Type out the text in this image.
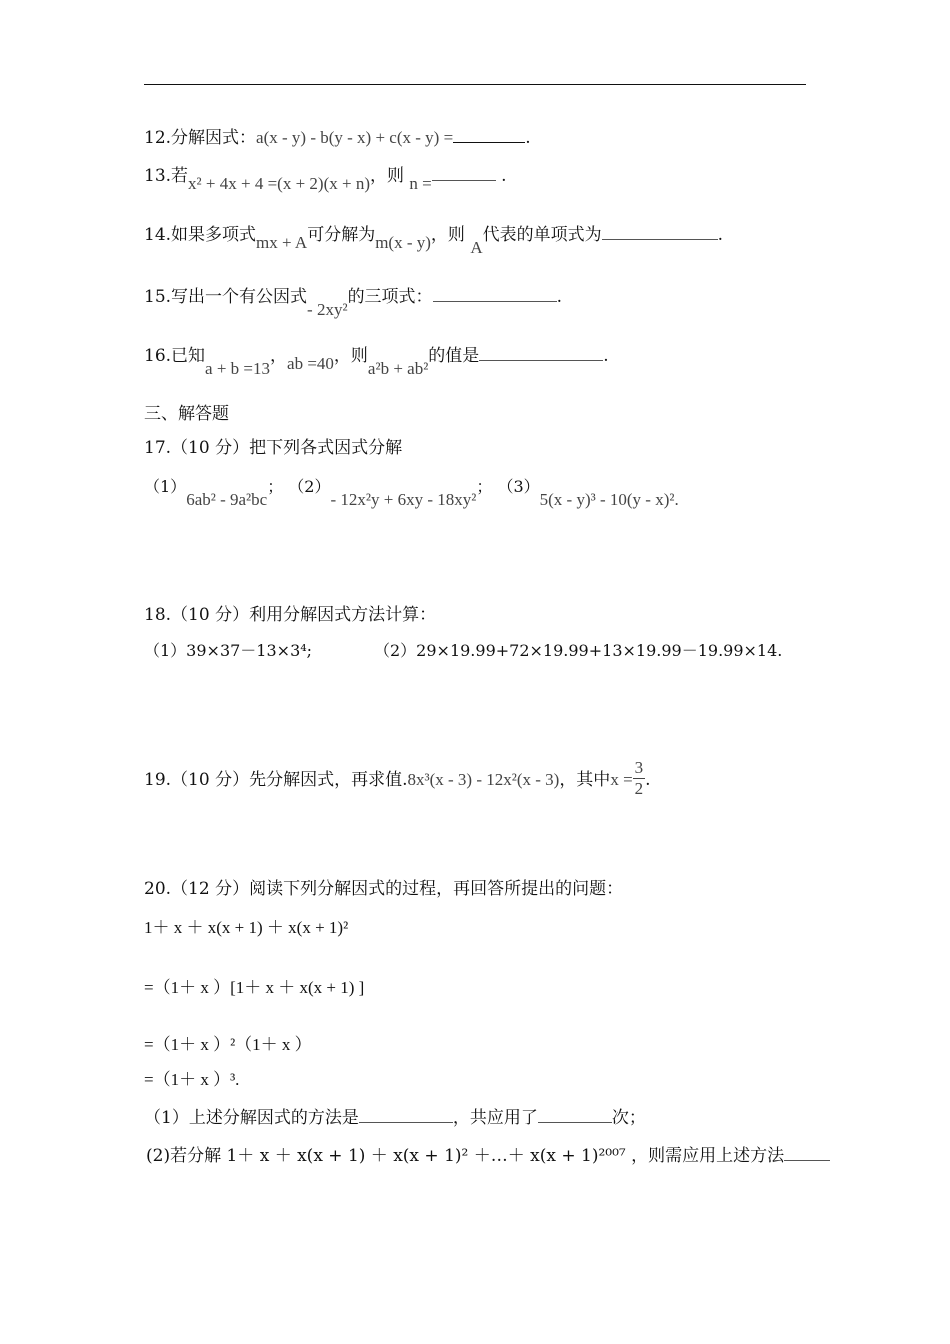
12.分解因式：a(x - y) - b(y - x) + c(x - y) =	.
13.若x² + 4x + 4 =(x + 2)(x + n)，则 n =	.
14.如果多项式mx + A可分解为m(x - y)，则 A代表的单项式为	.
15.写出一个有公因式- 2xy²的三项式：	.
16.已知a + b =13，ab =40，则a²b + ab²的值是	.
三、解答题
17.（10 分）把下列各式因式分解
（1）6ab² - 9a²bc； （2）- 12x²y + 6xy - 18xy²； （3）5(x - y)³ - 10(y - x)².
18.（10 分）利用分解因式方法计算：
（1）39×37－13×3⁴;	（2）29×19.99+72×19.99+13×19.99－19.99×14.
19.（10 分）先分解因式，再求值.8x³(x - 3) - 12x²(x - 3)，其中$x = \frac{3}{2}$ .
20.（12 分）阅读下列分解因式的过程，再回答所提出的问题：
1＋ x ＋ x(x + 1) ＋ x(x + 1)²
=（1＋ x ）[1＋ x ＋ x(x + 1) ]
=（1＋ x ）²（1＋ x ）
=（1＋ x ）³.
（1）上述分解因式的方法是	，共应用了	次；
(2)若分解 1＋ x ＋ x(x + 1) ＋ x(x + 1)² ＋…＋ x(x + 1)²⁰⁰⁷ ，则需应用上述方法
